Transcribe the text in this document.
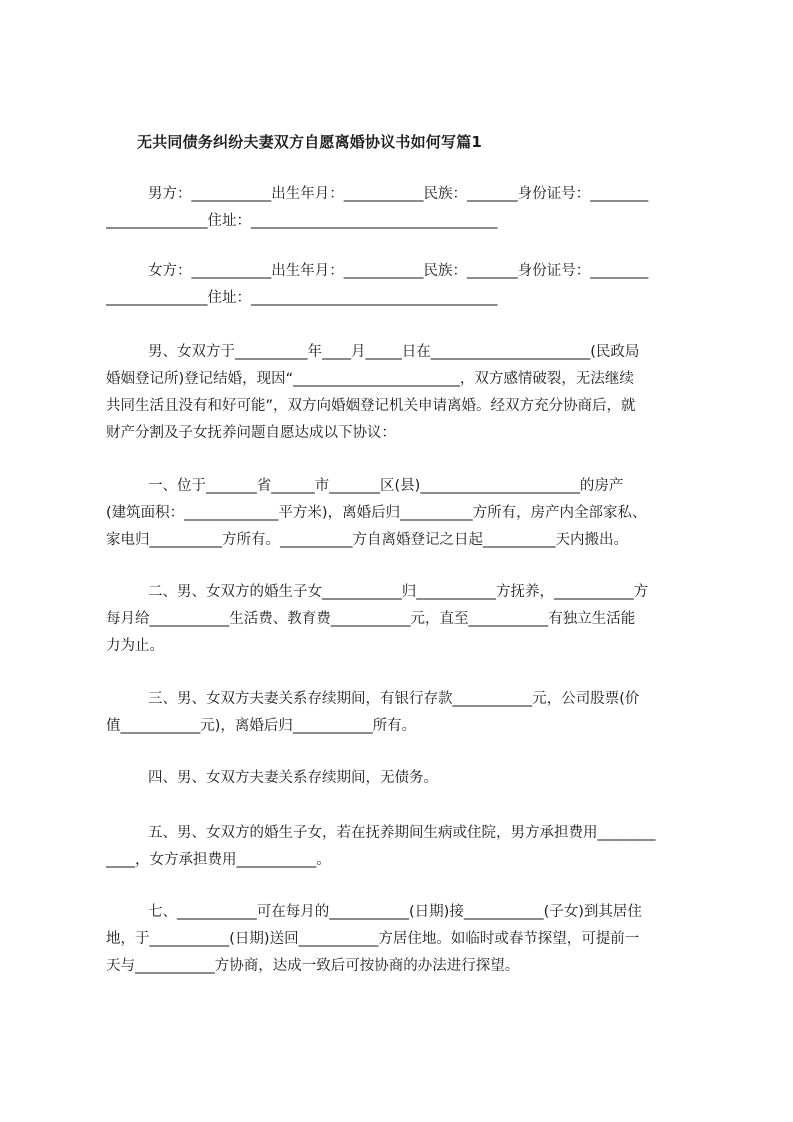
无共同债务纠纷夫妻双方自愿离婚协议书如何写篇1
男方：___________出生年月：___________民族：_______身份证号：________
______________住址：__________________________________
女方：___________出生年月：___________民族：_______身份证号：________
______________住址：__________________________________
男、女双方于__________年____月_____日在______________________(民政局
婚姻登记所)登记结婚，现因“_______________________，双方感情破裂，无法继续
共同生活且没有和好可能”，双方向婚姻登记机关申请离婚。经双方充分协商后，就
财产分割及子女抚养问题自愿达成以下协议：
一、位于_______省______市_______区(县)______________________的房产
(建筑面积：_____________平方米)，离婚后归__________方所有，房产内全部家私、
家电归__________方所有。__________方自离婚登记之日起__________天内搬出。
二、男、女双方的婚生子女___________归___________方抚养，___________方
每月给___________生活费、教育费___________元，直至___________有独立生活能
力为止。
三、男、女双方夫妻关系存续期间，有银行存款___________元，公司股票(价
值___________元)，离婚后归___________所有。
四、男、女双方夫妻关系存续期间，无债务。
五、男、女双方的婚生子女，若在抚养期间生病或住院，男方承担费用________
____，女方承担费用___________。
七、___________可在每月的___________(日期)接___________(子女)到其居住
地，于___________(日期)送回___________方居住地。如临时或春节探望，可提前一
天与___________方协商，达成一致后可按协商的办法进行探望。
